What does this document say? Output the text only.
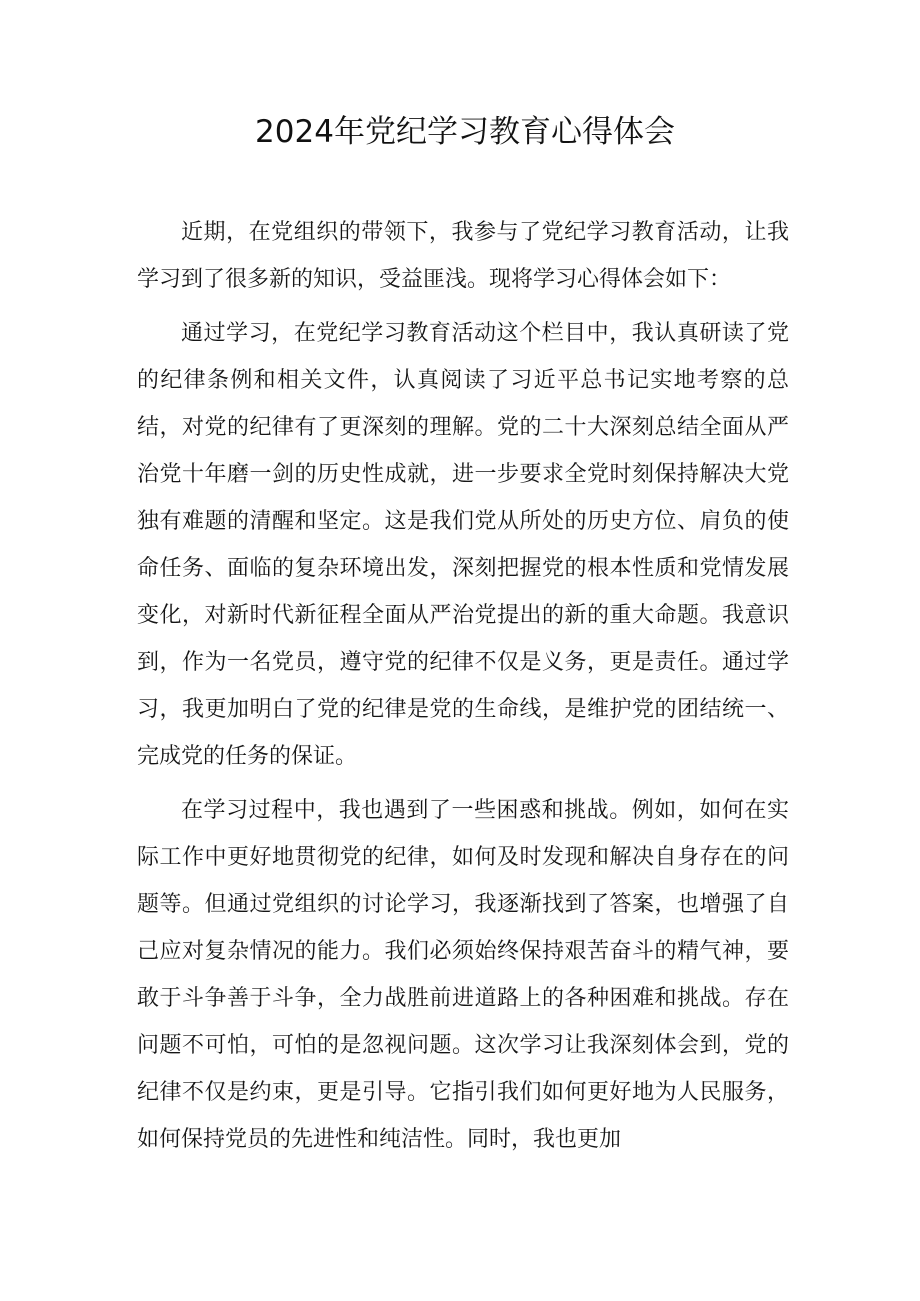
2024年党纪学习教育心得体会

近期，在党组织的带领下，我参与了党纪学习教育活动，让我学习到了很多新的知识，受益匪浅。现将学习心得体会如下：

通过学习，在党纪学习教育活动这个栏目中，我认真研读了党的纪律条例和相关文件，认真阅读了习近平总书记实地考察的总结，对党的纪律有了更深刻的理解。党的二十大深刻总结全面从严治党十年磨一剑的历史性成就，进一步要求全党时刻保持解决大党独有难题的清醒和坚定。这是我们党从所处的历史方位、肩负的使命任务、面临的复杂环境出发，深刻把握党的根本性质和党情发展变化，对新时代新征程全面从严治党提出的新的重大命题。我意识到，作为一名党员，遵守党的纪律不仅是义务，更是责任。通过学习，我更加明白了党的纪律是党的生命线，是维护党的团结统一、完成党的任务的保证。

在学习过程中，我也遇到了一些困惑和挑战。例如，如何在实际工作中更好地贯彻党的纪律，如何及时发现和解决自身存在的问题等。但通过党组织的讨论学习，我逐渐找到了答案，也增强了自己应对复杂情况的能力。我们必须始终保持艰苦奋斗的精气神，要敢于斗争善于斗争，全力战胜前进道路上的各种困难和挑战。存在问题不可怕，可怕的是忽视问题。这次学习让我深刻体会到，党的纪律不仅是约束，更是引导。它指引我们如何更好地为人民服务，如何保持党员的先进性和纯洁性。同时，我也更加
